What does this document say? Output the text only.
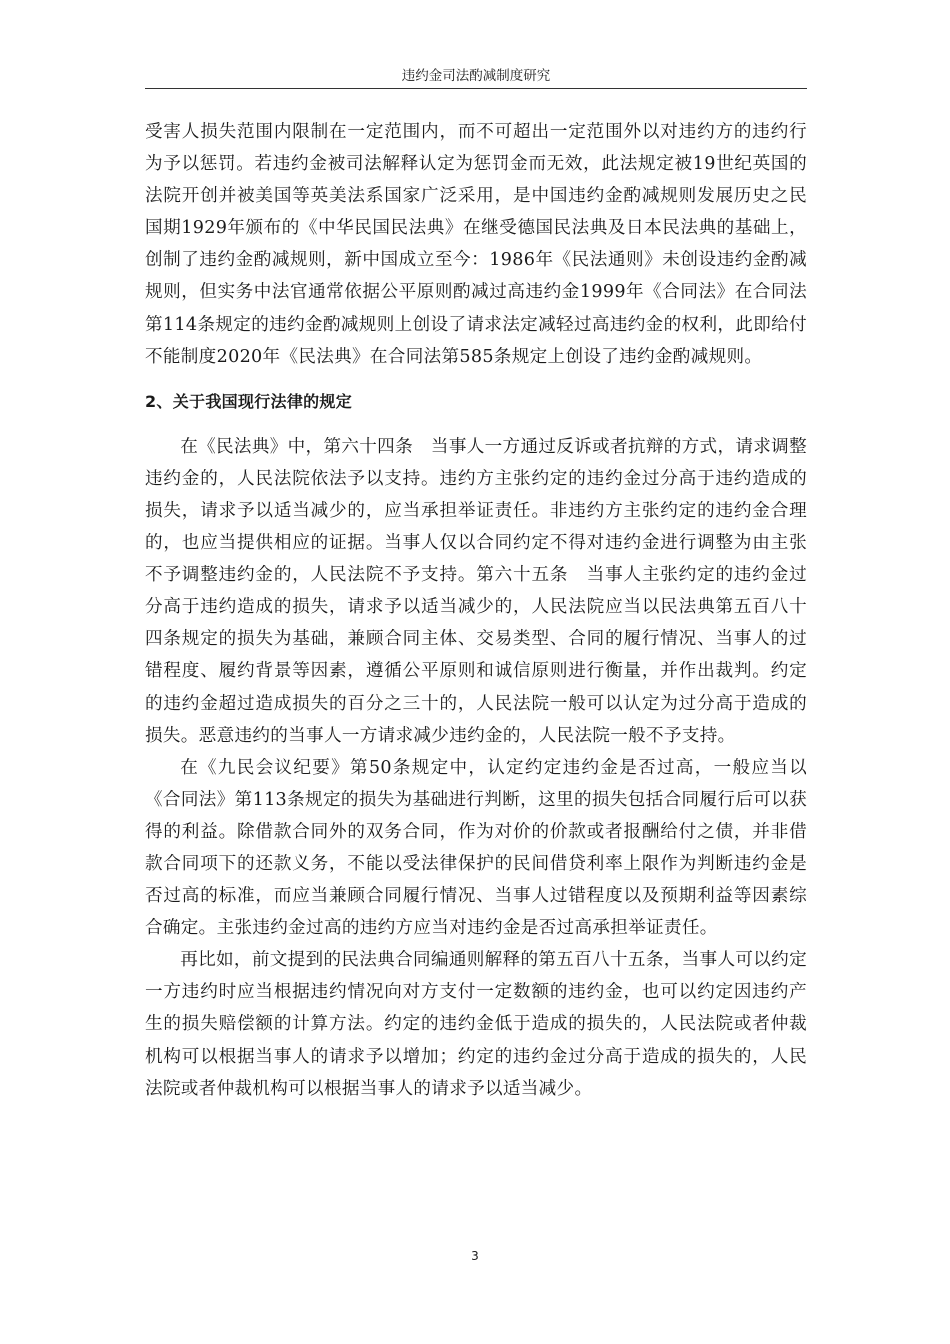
违约金司法酌减制度研究

受害人损失范围内限制在一定范围内，而不可超出一定范围外以对违约方的违约行为予以惩罚。若违约金被司法解释认定为惩罚金而无效，此法规定被19世纪英国的法院开创并被美国等英美法系国家广泛采用，是中国违约金酌减规则发展历史之民国期1929年颁布的《中华民国民法典》在继受德国民法典及日本民法典的基础上，创制了违约金酌减规则，新中国成立至今：1986年《民法通则》未创设违约金酌减规则，但实务中法官通常依据公平原则酌减过高违约金1999年《合同法》在合同法第114条规定的违约金酌减规则上创设了请求法定减轻过高违约金的权利，此即给付不能制度2020年《民法典》在合同法第585条规定上创设了违约金酌减规则。

2、关于我国现行法律的规定

在《民法典》中，第六十四条　当事人一方通过反诉或者抗辩的方式，请求调整违约金的，人民法院依法予以支持。违约方主张约定的违约金过分高于违约造成的损失，请求予以适当减少的，应当承担举证责任。非违约方主张约定的违约金合理的，也应当提供相应的证据。当事人仅以合同约定不得对违约金进行调整为由主张不予调整违约金的，人民法院不予支持。第六十五条　当事人主张约定的违约金过分高于违约造成的损失，请求予以适当减少的，人民法院应当以民法典第五百八十四条规定的损失为基础，兼顾合同主体、交易类型、合同的履行情况、当事人的过错程度、履约背景等因素，遵循公平原则和诚信原则进行衡量，并作出裁判。约定的违约金超过造成损失的百分之三十的，人民法院一般可以认定为过分高于造成的损失。恶意违约的当事人一方请求减少违约金的，人民法院一般不予支持。

在《九民会议纪要》第50条规定中，认定约定违约金是否过高，一般应当以《合同法》第113条规定的损失为基础进行判断，这里的损失包括合同履行后可以获得的利益。除借款合同外的双务合同，作为对价的价款或者报酬给付之债，并非借款合同项下的还款义务，不能以受法律保护的民间借贷利率上限作为判断违约金是否过高的标准，而应当兼顾合同履行情况、当事人过错程度以及预期利益等因素综合确定。主张违约金过高的违约方应当对违约金是否过高承担举证责任。

再比如，前文提到的民法典合同编通则解释的第五百八十五条，当事人可以约定一方违约时应当根据违约情况向对方支付一定数额的违约金，也可以约定因违约产生的损失赔偿额的计算方法。约定的违约金低于造成的损失的，人民法院或者仲裁机构可以根据当事人的请求予以增加；约定的违约金过分高于造成的损失的，人民法院或者仲裁机构可以根据当事人的请求予以适当减少。

3
